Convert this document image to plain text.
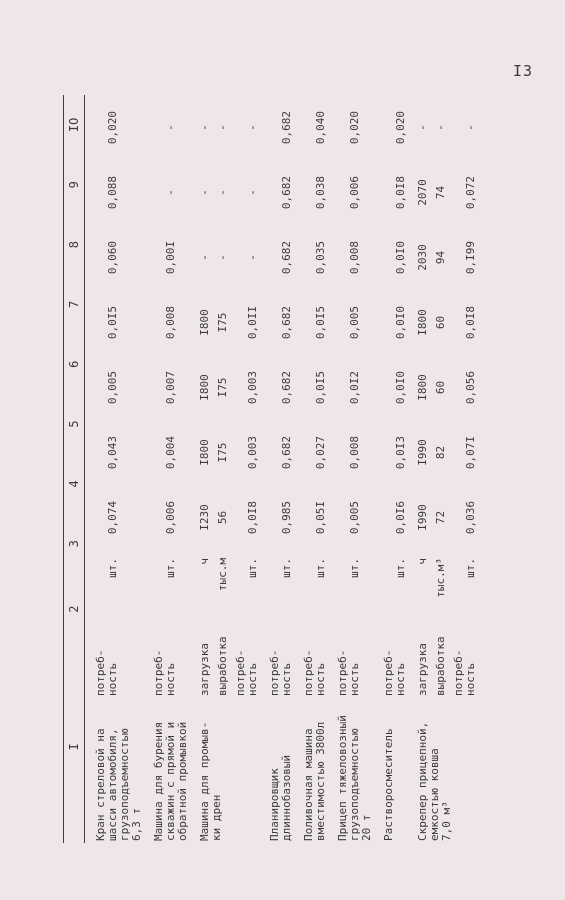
I3
I
2
3
4
5
6
7
8
9
IO
Кран стреловой на шасси автомобиля, грузоподъемностью 6,3 т
потреб- ность
шт.
0,074
0,043
0,005
0,0I5
0,060
0,088
0,020
Машина для бурения скважин с прямой и обратной промывкой
потреб- ность
шт.
0,006
0,004
0,007
0,008
0,00I
-
-
Машина для промыв- ки дрен
загрузка
ч
I230
I800
I800
I800
-
-
-
выработка
тыс.м
56
I75
I75
I75
-
-
-
потреб- ность
шт.
0,0I8
0,003
0,003
0,0II
-
-
-
Планировщик длиннобазовый
потреб- ность
шт.
0,985
0,682
0,682
0,682
0,682
0,682
0,682
Поливочная машина вместимостью 3800л
потреб- ность
шт.
0,05I
0,027
0,0I5
0,0I5
0,035
0,038
0,040
Прицеп тяжеловозный грузоподъемностью 20 т
потреб- ность
шт.
0,005
0,008
0,0I2
0,005
0,008
0,006
0,020
Растворосмеситель
потреб- ность
шт.
0,0I6
0,0I3
0,0I0
0,0I0
0,0I0
0,0I8
0,020
Скрепер прицепной, емкостью ковша 7,0 м³
загрузка
ч
I990
I990
I800
I800
2030
2070
-
выработка
тыс.м³
72
82
60
60
94
74
-
потреб- ность
шт.
0,036
0,07I
0,056
0,0I8
0,I99
0,072
-
